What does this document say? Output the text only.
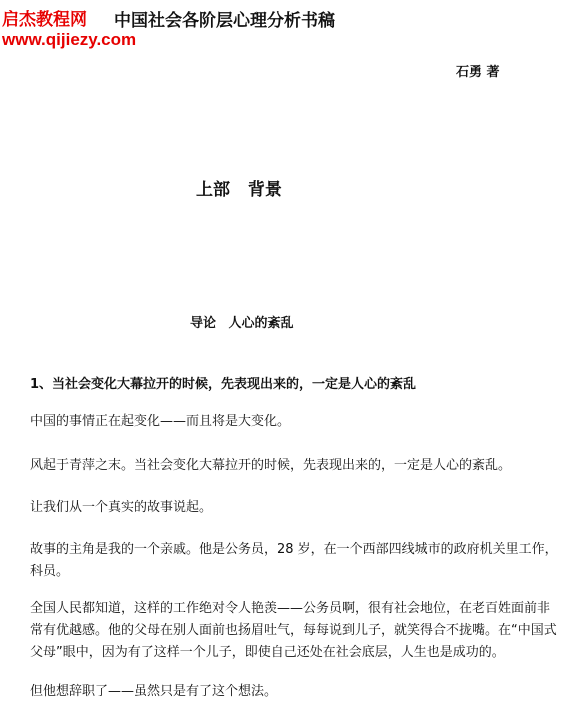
启杰教程网
www.qijiezy.com
中国社会各阶层心理分析书稿
石勇 著
上部 背景
导论 人心的紊乱
1、当社会变化大幕拉开的时候，先表现出来的，一定是人心的紊乱
中国的事情正在起变化——而且将是大变化。
风起于青萍之末。当社会变化大幕拉开的时候，先表现出来的，一定是人心的紊乱。
让我们从一个真实的故事说起。
故事的主角是我的一个亲戚。他是公务员，28 岁，在一个西部四线城市的政府机关里工作，科员。
全国人民都知道，这样的工作绝对令人艳羡——公务员啊，很有社会地位，在老百姓面前非常有优越感。他的父母在别人面前也扬眉吐气，每每说到儿子，就笑得合不拢嘴。在“中国式父母”眼中，因为有了这样一个儿子，即使自己还处在社会底层，人生也是成功的。
但他想辞职了——虽然只是有了这个想法。
